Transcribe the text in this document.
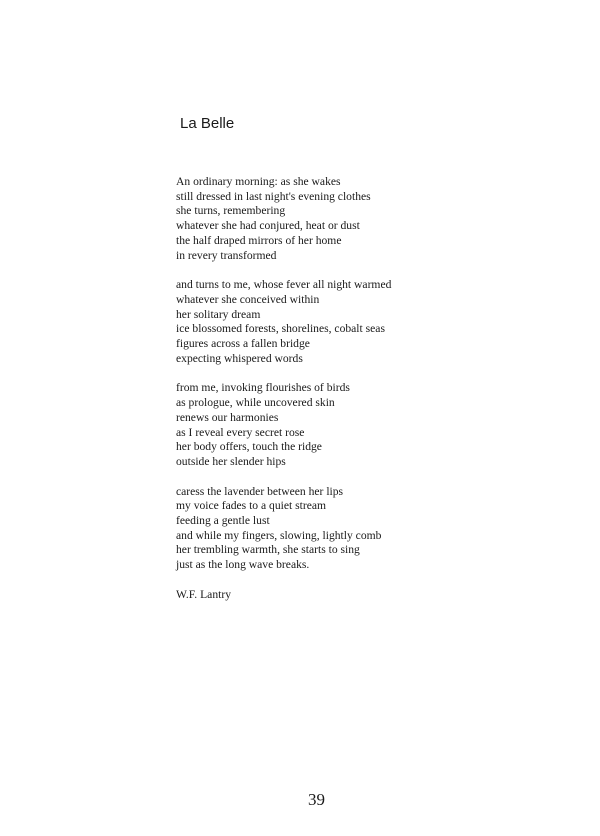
La Belle
An ordinary morning: as she wakes
still dressed in last night's evening clothes
she turns, remembering
whatever she had conjured, heat or dust
the half draped mirrors of her home
in revery transformed
and turns to me, whose fever all night warmed
whatever she conceived within
her solitary dream
ice blossomed forests, shorelines, cobalt seas
figures across a fallen bridge
expecting whispered words
from me, invoking flourishes of birds
as prologue, while uncovered skin
renews our harmonies
as I reveal every secret rose
her body offers, touch the ridge
outside her slender hips
caress the lavender between her lips
my voice fades to a quiet stream
feeding a gentle lust
and while my fingers, slowing, lightly comb
her trembling warmth, she starts to sing
just as the long wave breaks.
W.F. Lantry
39
